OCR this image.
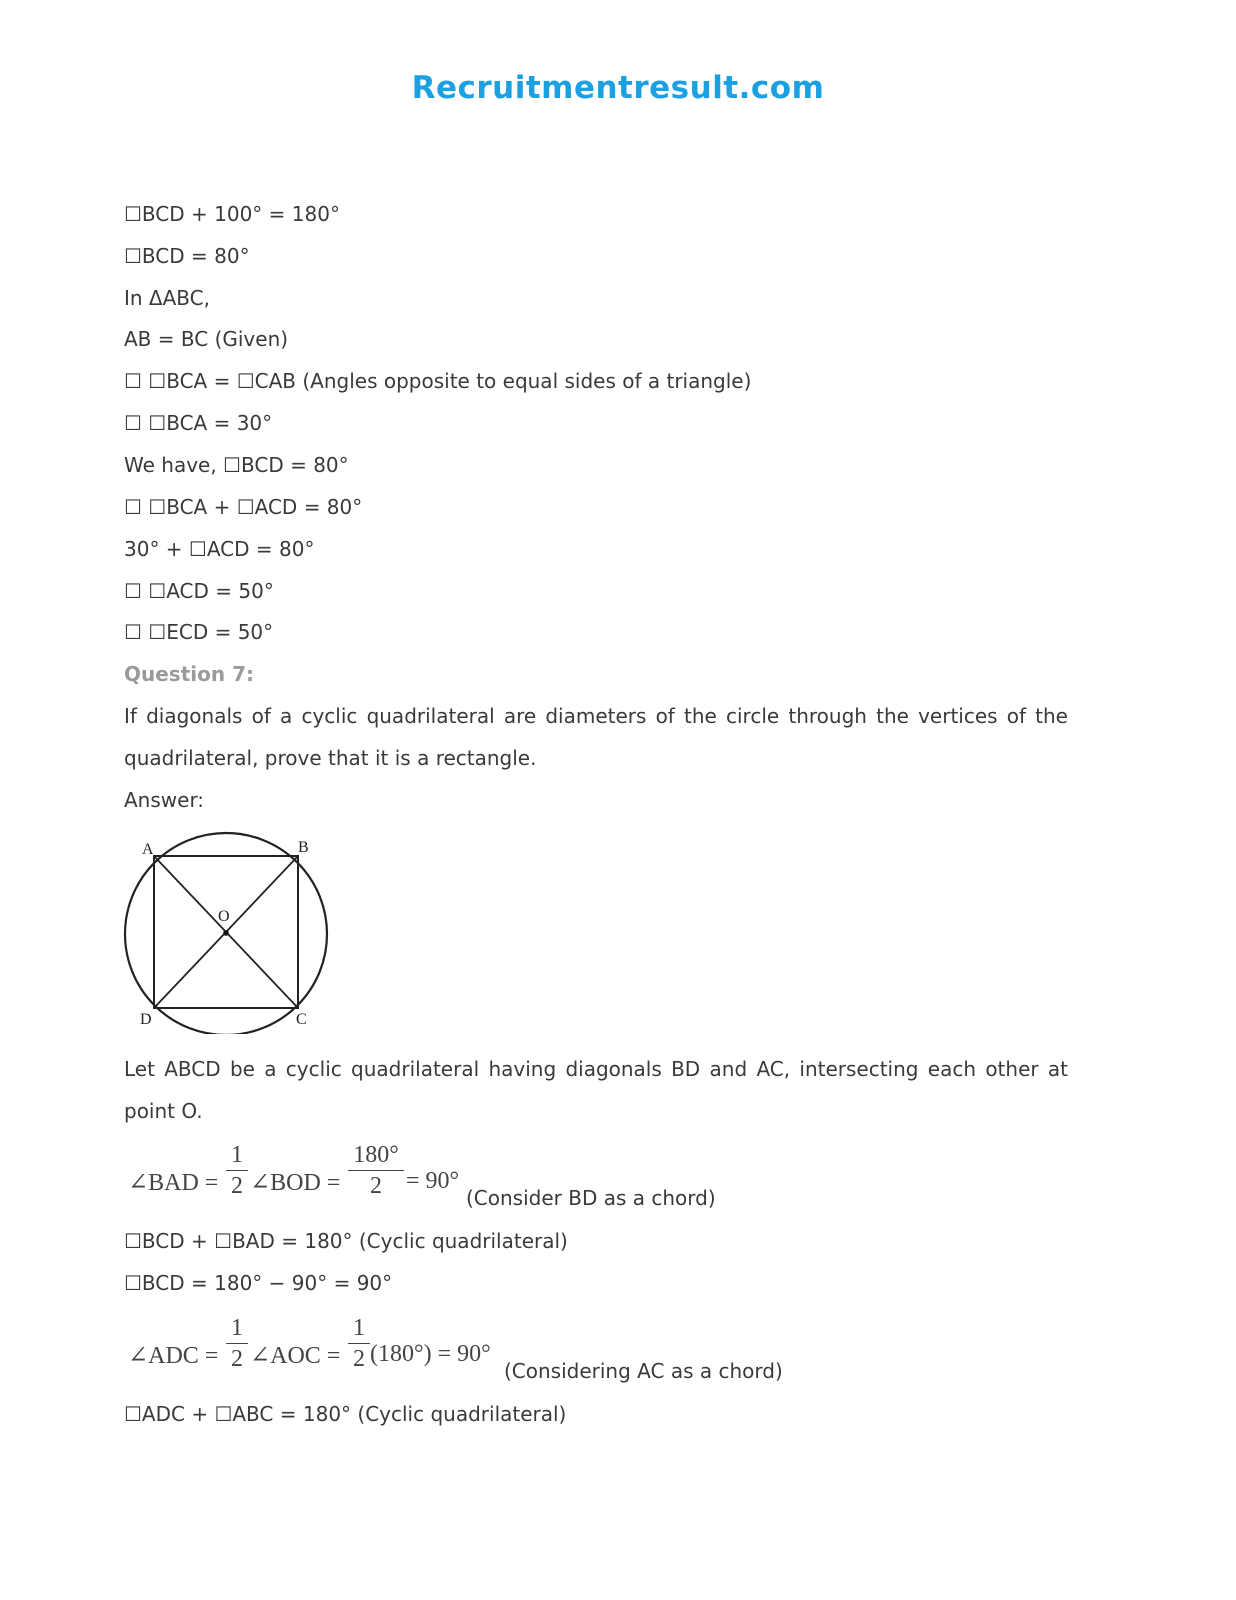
Recruitmentresult.com
☐BCD + 100° = 180°
☐BCD = 80°
In ΔABC,
AB = BC (Given)
☐ ☐BCA = ☐CAB (Angles opposite to equal sides of a triangle)
☐ ☐BCA = 30°
We have, ☐BCD = 80°
☐ ☐BCA + ☐ACD = 80°
30° + ☐ACD = 80°
☐ ☐ACD = 50°
☐ ☐ECD = 50°
Question 7:
If diagonals of a cyclic quadrilateral are diameters of the circle through the vertices of the quadrilateral, prove that it is a rectangle.
Answer:
Let ABCD be a cyclic quadrilateral having diagonals BD and AC, intersecting each other at point O.
∠BAD =
1
2 ∠BOD =
180°
2	= 90°
(Consider BD as a chord)
☐BCD + ☐BAD = 180° (Cyclic quadrilateral)
☐BCD = 180° − 90° = 90°
∠ADC =
1
2 ∠AOC =
1
2 (180°) = 90°
(Considering AC as a chord)
☐ADC + ☐ABC = 180° (Cyclic quadrilateral)
A	B
C
D
O
